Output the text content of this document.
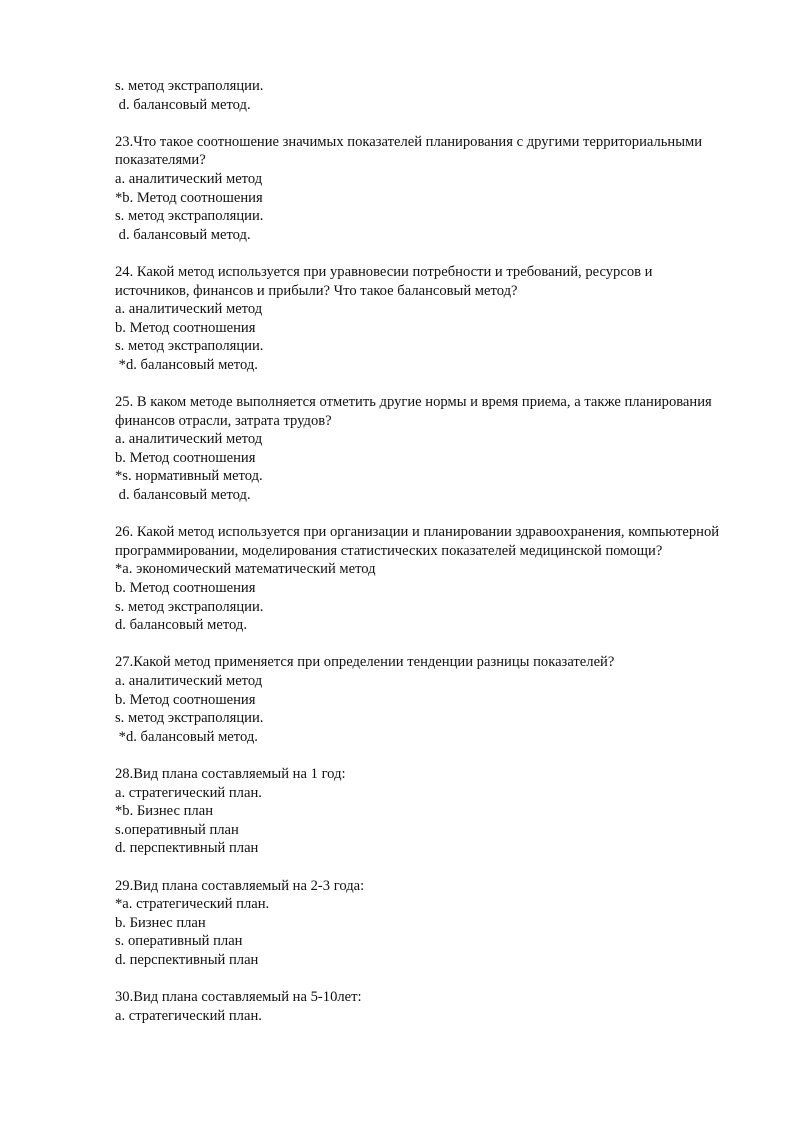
s. метод экстраполяции.
d. балансовый метод.
23.Что такое соотношение значимых показателей планирования с другими территориальными показателями?
a. аналитический метод
*b. Метод соотношения
s. метод экстраполяции.
d. балансовый метод.
24. Какой метод используется при уравновесии потребности и требований, ресурсов и источников, финансов и прибыли? Что такое балансовый метод?
a. аналитический метод
b. Метод соотношения
s. метод экстраполяции.
*d. балансовый метод.
25. В каком методе выполняется отметить другие нормы и время приема, а также планирования финансов отрасли, затрата трудов?
a. аналитический метод
b. Метод соотношения
*s. нормативный метод.
d. балансовый метод.
26. Какой метод используется при организации и планировании здравоохранения, компьютерной программировании, моделирования статистических показателей медицинской помощи?
*a. экономический математический метод
b. Метод соотношения
s. метод экстраполяции.
d. балансовый метод.
27.Какой метод применяется при определении тенденции разницы показателей?
a. аналитический метод
b. Метод соотношения
s. метод экстраполяции.
*d. балансовый метод.
28.Вид плана составляемый на 1 год:
a. стратегический план.
*b. Бизнес план
s.оперативный план
d. перспективный план
29.Вид плана составляемый на 2-3 года:
*a. стратегический план.
b. Бизнес план
s. оперативный план
d. перспективный план
30.Вид плана составляемый на 5-10лет:
a. стратегический план.
